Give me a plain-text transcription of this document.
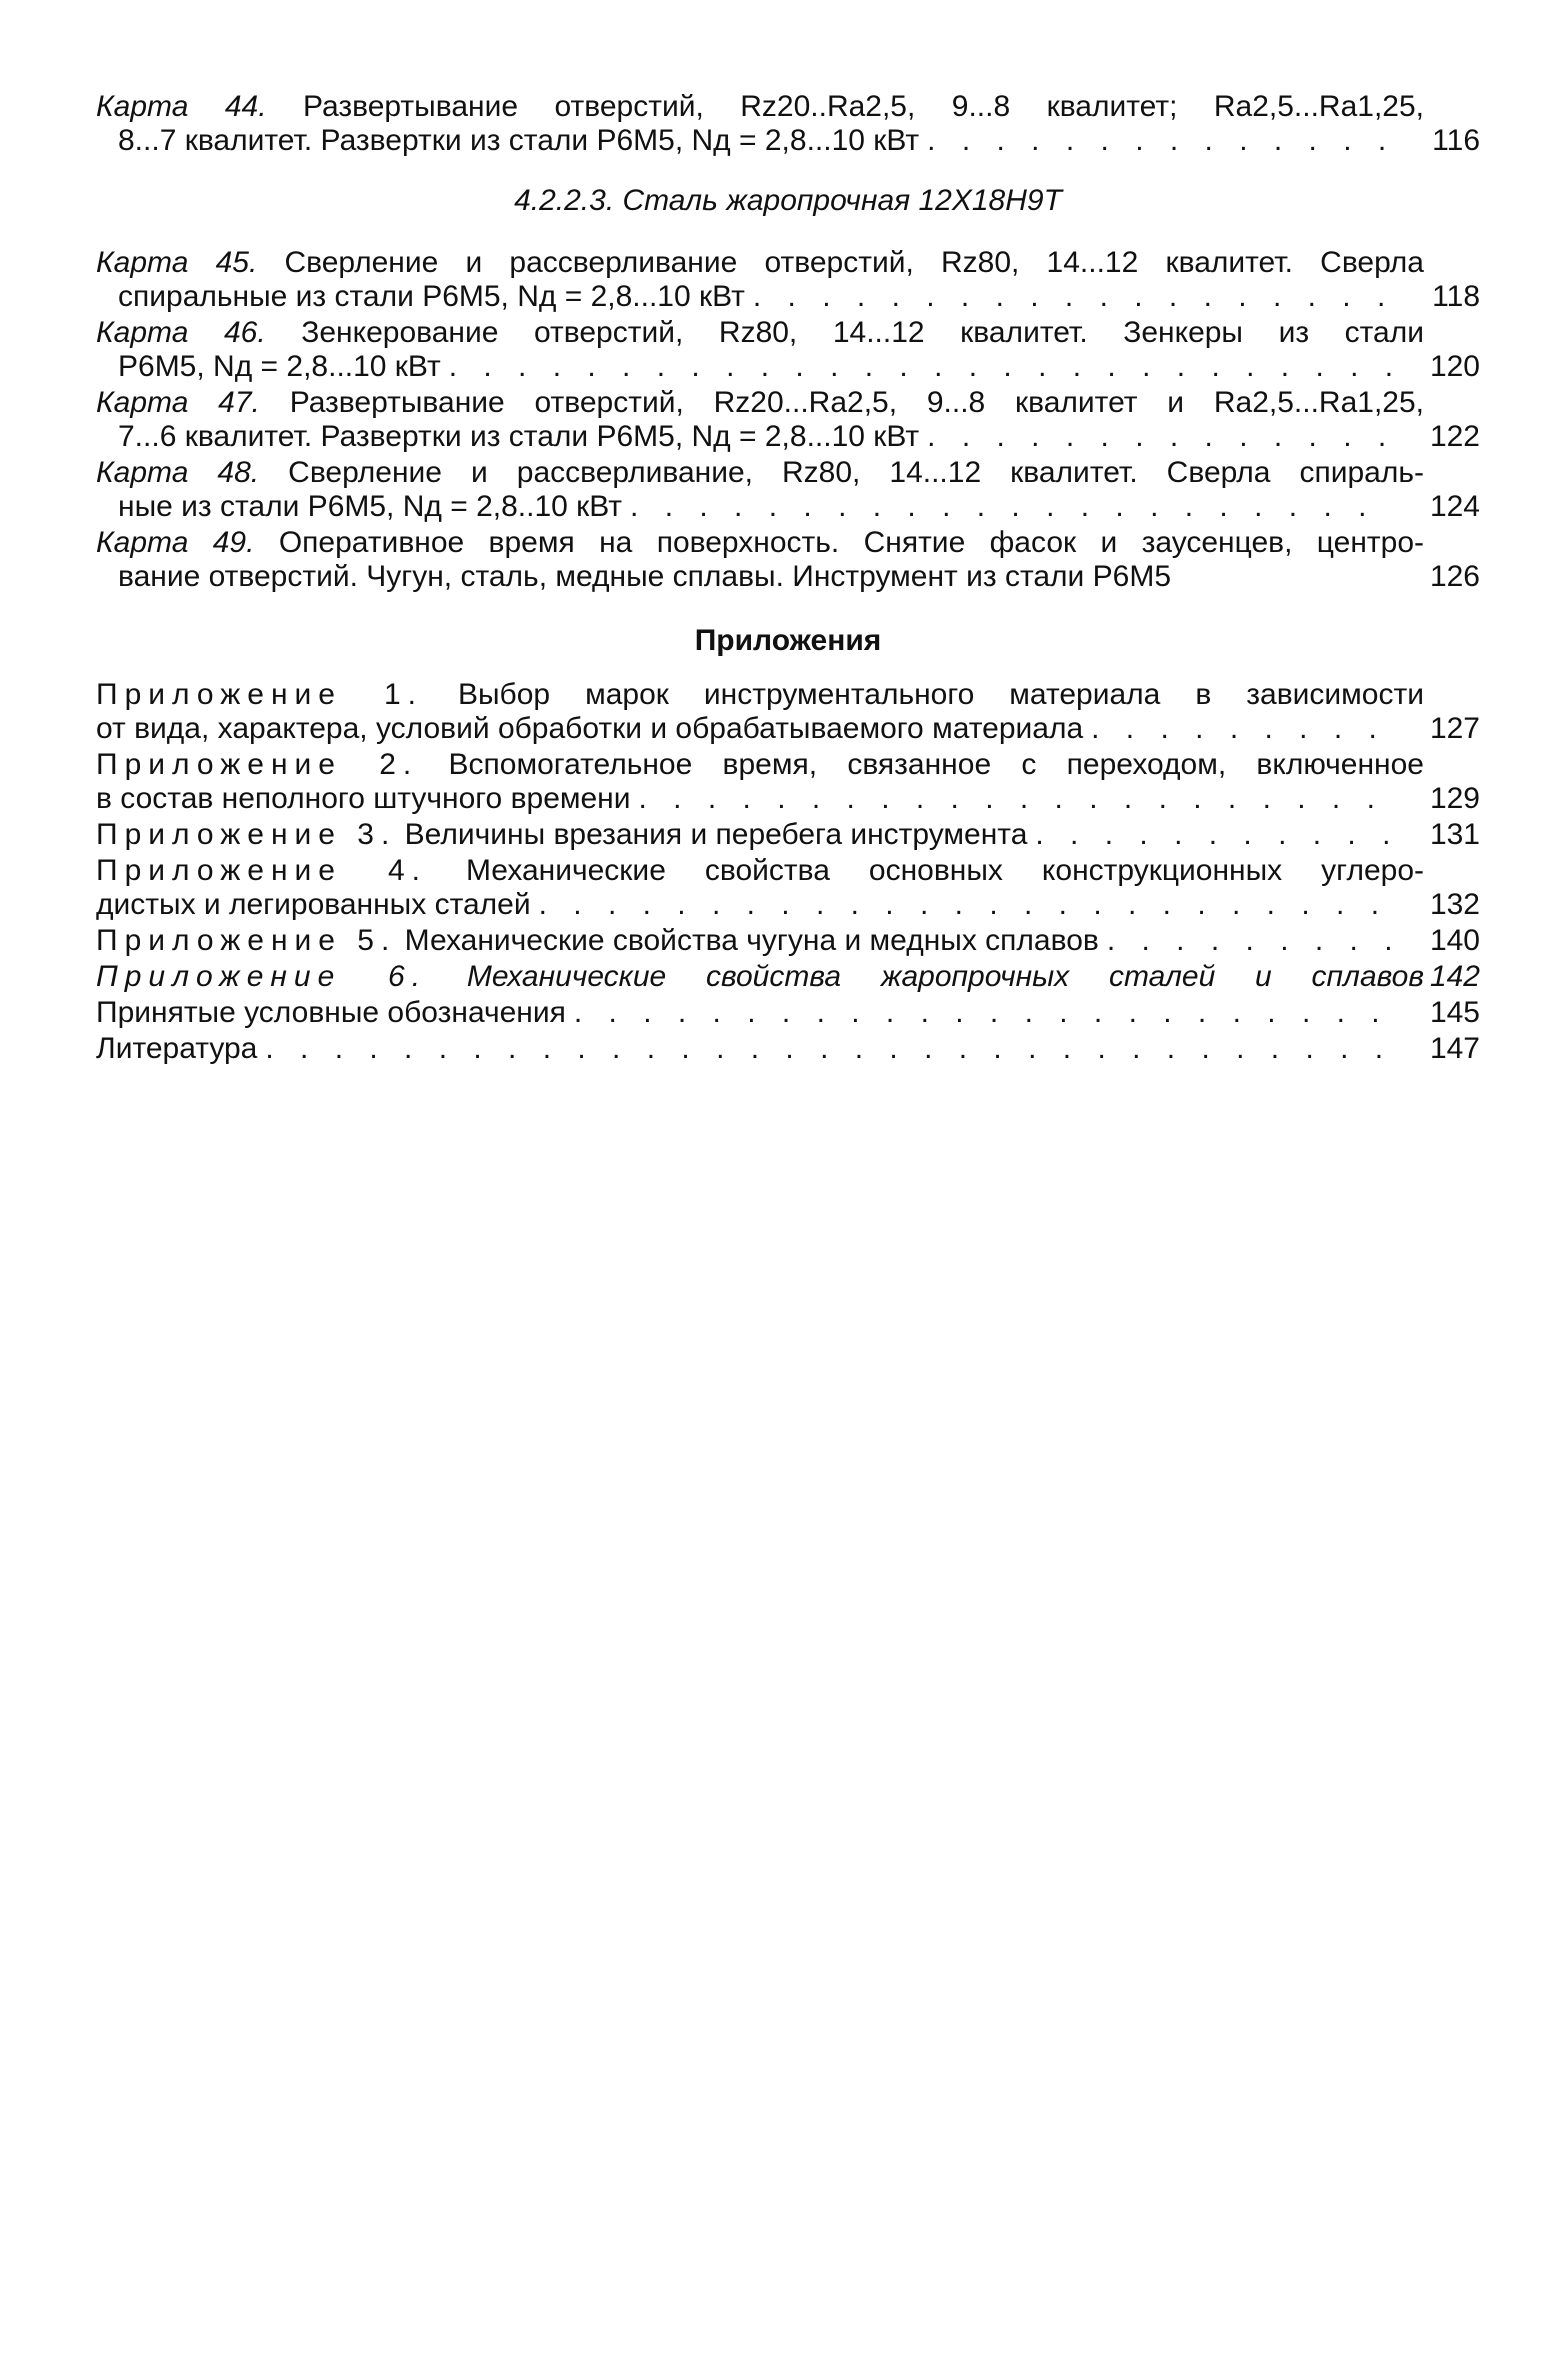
Карта 44. Развертывание отверстий, Rz20..Ra2,5, 9...8 квалитет; Ra2,5...Ra1,25,
8...7 квалитет. Развертки из стали Р6М5, Nд = 2,8...10 кВт . . .	116
4.2.2.3. Сталь жаропрочная 12Х18Н9Т
Карта 45. Сверление и рассверливание отверстий, Rz80, 14...12 квалитет. Сверла
спиральные из стали Р6М5, Nд = 2,8...10 кВт . . .	118
Карта 46. Зенкерование отверстий, Rz80, 14...12 квалитет. Зенкеры из стали
Р6М5, Nд = 2,8...10 кВт . . .	120
Карта 47. Развертывание отверстий, Rz20...Ra2,5, 9...8 квалитет и Ra2,5...Ra1,25,
7...6 квалитет. Развертки из стали Р6М5, Nд = 2,8...10 кВт . . .	122
Карта 48. Сверление и рассверливание, Rz80, 14...12 квалитет. Сверла спираль-
ные из стали Р6М5, Nд = 2,8..10 кВт . . .	124
Карта 49. Оперативное время на поверхность. Снятие фасок и заусенцев, центро-
вание отверстий. Чугун, сталь, медные сплавы. Инструмент из стали Р6М5	126
Приложения
Приложение 1. Выбор марок инструментального материала в зависимости
от вида, характера, условий обработки и обрабатываемого материала . . .	127
Приложение 2. Вспомогательное время, связанное с переходом, включенное
в состав неполного штучного времени . . .	129
Приложение 3. Величины врезания и перебега инструмента . . .	131
Приложение 4. Механические свойства основных конструкционных углеро-
дистых и легированных сталей . . .	132
Приложение 5. Механические свойства чугуна и медных сплавов . . .	140
Приложение 6. Механические свойства жаропрочных сталей и сплавов 142
Принятые условные обозначения . . .	145
Литература . . .	147
